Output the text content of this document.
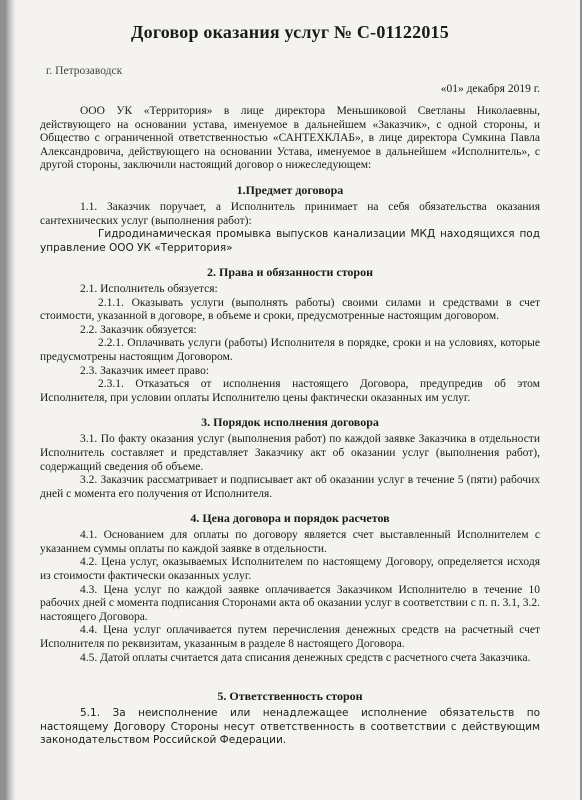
Договор оказания услуг № С-01122015
г. Петрозаводск
«01» декабря 2019 г.

ООО УК «Территория» в лице директора Меньшиковой Светланы Николаевны, действующего на основании устава, именуемое в дальнейшем «Заказчик», с одной стороны, и Общество с ограниченной ответственностью «САНТЕХКЛАБ», в лице директора Сумкина Павла Александровича, действующего на основании Устава, именуемое в дальнейшем «Исполнитель», с другой стороны, заключили настоящий договор о нижеследующем:

1.Предмет договора

1.1. Заказчик поручает, а Исполнитель принимает на себя обязательства оказания сантехнических услуг (выполнения работ):

Гидродинамическая промывка выпусков канализации МКД находящихся под управление ООО УК «Территория»

2. Права и обязанности сторон

2.1. Исполнитель обязуется:

2.1.1. Оказывать услуги (выполнять работы) своими силами и средствами в счет стоимости, указанной в договоре, в объеме и сроки, предусмотренные настоящим договором.

2.2. Заказчик обязуется:

2.2.1. Оплачивать услуги (работы) Исполнителя в порядке, сроки и на условиях, которые предусмотрены настоящим Договором.

2.3. Заказчик имеет право:

2.3.1. Отказаться от исполнения настоящего Договора, предупредив об этом Исполнителя, при условии оплаты Исполнителю цены фактически оказанных им услуг.

3. Порядок исполнения договора

3.1. По факту оказания услуг (выполнения работ) по каждой заявке Заказчика в отдельности Исполнитель составляет и представляет Заказчику акт об оказании услуг (выполнения работ), содержащий сведения об объеме.

3.2. Заказчик рассматривает и подписывает акт об оказании услуг в течение 5 (пяти) рабочих дней с момента его получения от Исполнителя.

4. Цена договора и порядок расчетов

4.1. Основанием для оплаты по договору является счет выставленный Исполнителем с указанием суммы оплаты по каждой заявке в отдельности.

4.2. Цена услуг, оказываемых Исполнителем по настоящему Договору, определяется исходя из стоимости фактически оказанных услуг.

4.3. Цена услуг по каждой заявке оплачивается Заказчиком Исполнителю в течение 10 рабочих дней с момента подписания Сторонами акта об оказании услуг в соответствии с п. п. 3.1, 3.2. настоящего Договора.

4.4. Цена услуг оплачивается путем перечисления денежных средств на расчетный счет Исполнителя по реквизитам, указанным в разделе 8 настоящего Договора.

4.5. Датой оплаты считается дата списания денежных средств с расчетного счета Заказчика.

5. Ответственность сторон

5.1. За неисполнение или ненадлежащее исполнение обязательств по настоящему Договору Стороны несут ответственность в соответствии с действующим законодательством Российской Федерации.
